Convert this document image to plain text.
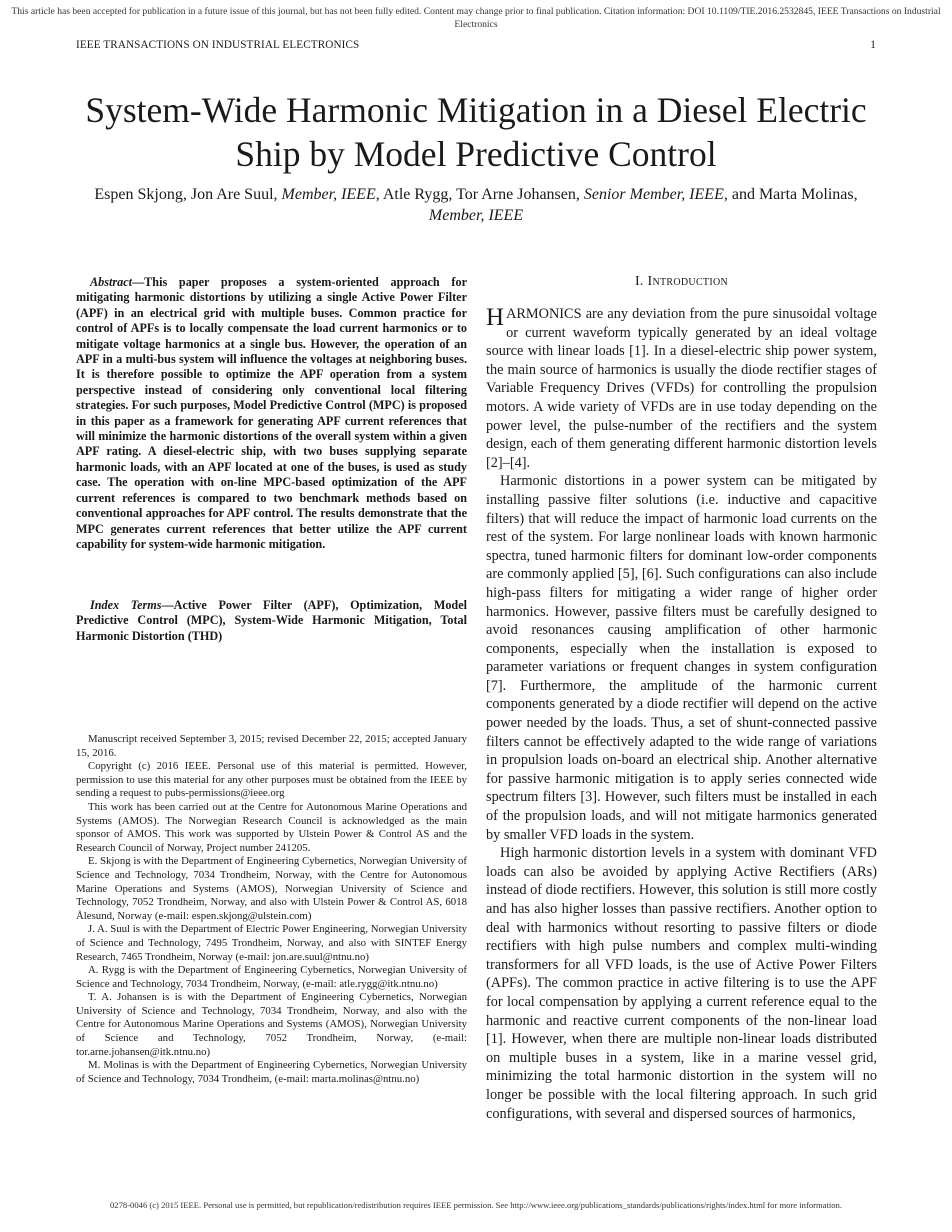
This article has been accepted for publication in a future issue of this journal, but has not been fully edited. Content may change prior to final publication. Citation information: DOI 10.1109/TIE.2016.2532845, IEEE Transactions on Industrial Electronics
IEEE TRANSACTIONS ON INDUSTRIAL ELECTRONICS	1
System-Wide Harmonic Mitigation in a Diesel Electric Ship by Model Predictive Control
Espen Skjong, Jon Are Suul, Member, IEEE, Atle Rygg, Tor Arne Johansen, Senior Member, IEEE, and Marta Molinas, Member, IEEE

Abstract—This paper proposes a system-oriented approach for mitigating harmonic distortions by utilizing a single Active Power Filter (APF) in an electrical grid with multiple buses. Common practice for control of APFs is to locally compensate the load current harmonics or to mitigate voltage harmonics at a single bus. However, the operation of an APF in a multi-bus system will influence the voltages at neighboring buses. It is therefore possible to optimize the APF operation from a system perspective instead of considering only conventional local filtering strategies. For such purposes, Model Predictive Control (MPC) is proposed in this paper as a framework for generating APF current references that will minimize the harmonic distortions of the overall system within a given APF rating. A diesel-electric ship, with two buses supplying separate harmonic loads, with an APF located at one of the buses, is used as study case. The operation with on-line MPC-based optimization of the APF current references is compared to two benchmark methods based on conventional approaches for APF control. The results demonstrate that the MPC generates current references that better utilize the APF current capability for system-wide harmonic mitigation.

Index Terms—Active Power Filter (APF), Optimization, Model Predictive Control (MPC), System-Wide Harmonic Mitigation, Total Harmonic Distortion (THD)

Manuscript received September 3, 2015; revised December 22, 2015; accepted January 15, 2016.

Copyright (c) 2016 IEEE. Personal use of this material is permitted. However, permission to use this material for any other purposes must be obtained from the IEEE by sending a request to pubs-permissions@ieee.org

This work has been carried out at the Centre for Autonomous Marine Operations and Systems (AMOS). The Norwegian Research Council is acknowledged as the main sponsor of AMOS. This work was supported by Ulstein Power & Control AS and the Research Council of Norway, Project number 241205.

E. Skjong is with the Department of Engineering Cybernetics, Norwegian University of Science and Technology, 7034 Trondheim, Norway, with the Centre for Autonomous Marine Operations and Systems (AMOS), Norwegian University of Science and Technology, 7052 Trondheim, Norway, and also with Ulstein Power & Control AS, 6018 Ålesund, Norway (e-mail: espen.skjong@ulstein.com)

J. A. Suul is with the Department of Electric Power Engineering, Norwegian University of Science and Technology, 7495 Trondheim, Norway, and also with SINTEF Energy Research, 7465 Trondheim, Norway (e-mail: jon.are.suul@ntnu.no)

A. Rygg is with the Department of Engineering Cybernetics, Norwegian University of Science and Technology, 7034 Trondheim, Norway, (e-mail: atle.rygg@itk.ntnu.no)

T. A. Johansen is is with the Department of Engineering Cybernetics, Norwegian University of Science and Technology, 7034 Trondheim, Norway, and also with the Centre for Autonomous Marine Operations and Systems (AMOS), Norwegian University of Science and Technology, 7052 Trondheim, Norway, (e-mail: tor.arne.johansen@itk.ntnu.no)

M. Molinas is with the Department of Engineering Cybernetics, Norwegian University of Science and Technology, 7034 Trondheim, (e-mail: marta.molinas@ntnu.no)

I. Introduction

HARMONICS are any deviation from the pure sinusoidal voltage or current waveform typically generated by an ideal voltage source with linear loads [1]. In a diesel-electric ship power system, the main source of harmonics is usually the diode rectifier stages of Variable Frequency Drives (VFDs) for controlling the propulsion motors. A wide variety of VFDs are in use today depending on the power level, the pulse-number of the rectifiers and the system design, each of them generating different harmonic distortion levels [2]–[4].

Harmonic distortions in a power system can be mitigated by installing passive filter solutions (i.e. inductive and capacitive filters) that will reduce the impact of harmonic load currents on the rest of the system. For large nonlinear loads with known harmonic spectra, tuned harmonic filters for dominant low-order components are commonly applied [5], [6]. Such configurations can also include high-pass filters for mitigating a wider range of higher order harmonics. However, passive filters must be carefully designed to avoid resonances causing amplification of other harmonic components, especially when the installation is exposed to parameter variations or frequent changes in system configuration [7]. Furthermore, the amplitude of the harmonic current components generated by a diode rectifier will depend on the active power needed by the loads. Thus, a set of shunt-connected passive filters cannot be effectively adapted to the wide range of variations in propulsion loads on-board an electrical ship. Another alternative for passive harmonic mitigation is to apply series connected wide spectrum filters [3]. However, such filters must be installed in each of the propulsion loads, and will not mitigate harmonics generated by smaller VFD loads in the system.

High harmonic distortion levels in a system with dominant VFD loads can also be avoided by applying Active Rectifiers (ARs) instead of diode rectifiers. However, this solution is still more costly and has also higher losses than passive rectifiers. Another option to deal with harmonics without resorting to passive filters or diode rectifiers with high pulse numbers and complex multi-winding transformers for all VFD loads, is the use of Active Power Filters (APFs). The common practice in active filtering is to use the APF for local compensation by applying a current reference equal to the harmonic and reactive current components of the non-linear load [1]. However, when there are multiple non-linear loads distributed on multiple buses in a system, like in a marine vessel grid, minimizing the total harmonic distortion in the system will no longer be possible with the local filtering approach. In such grid configurations, with several and dispersed sources of harmonics,

0278-0046 (c) 2015 IEEE. Personal use is permitted, but republication/redistribution requires IEEE permission. See http://www.ieee.org/publications_standards/publications/rights/index.html for more information.
